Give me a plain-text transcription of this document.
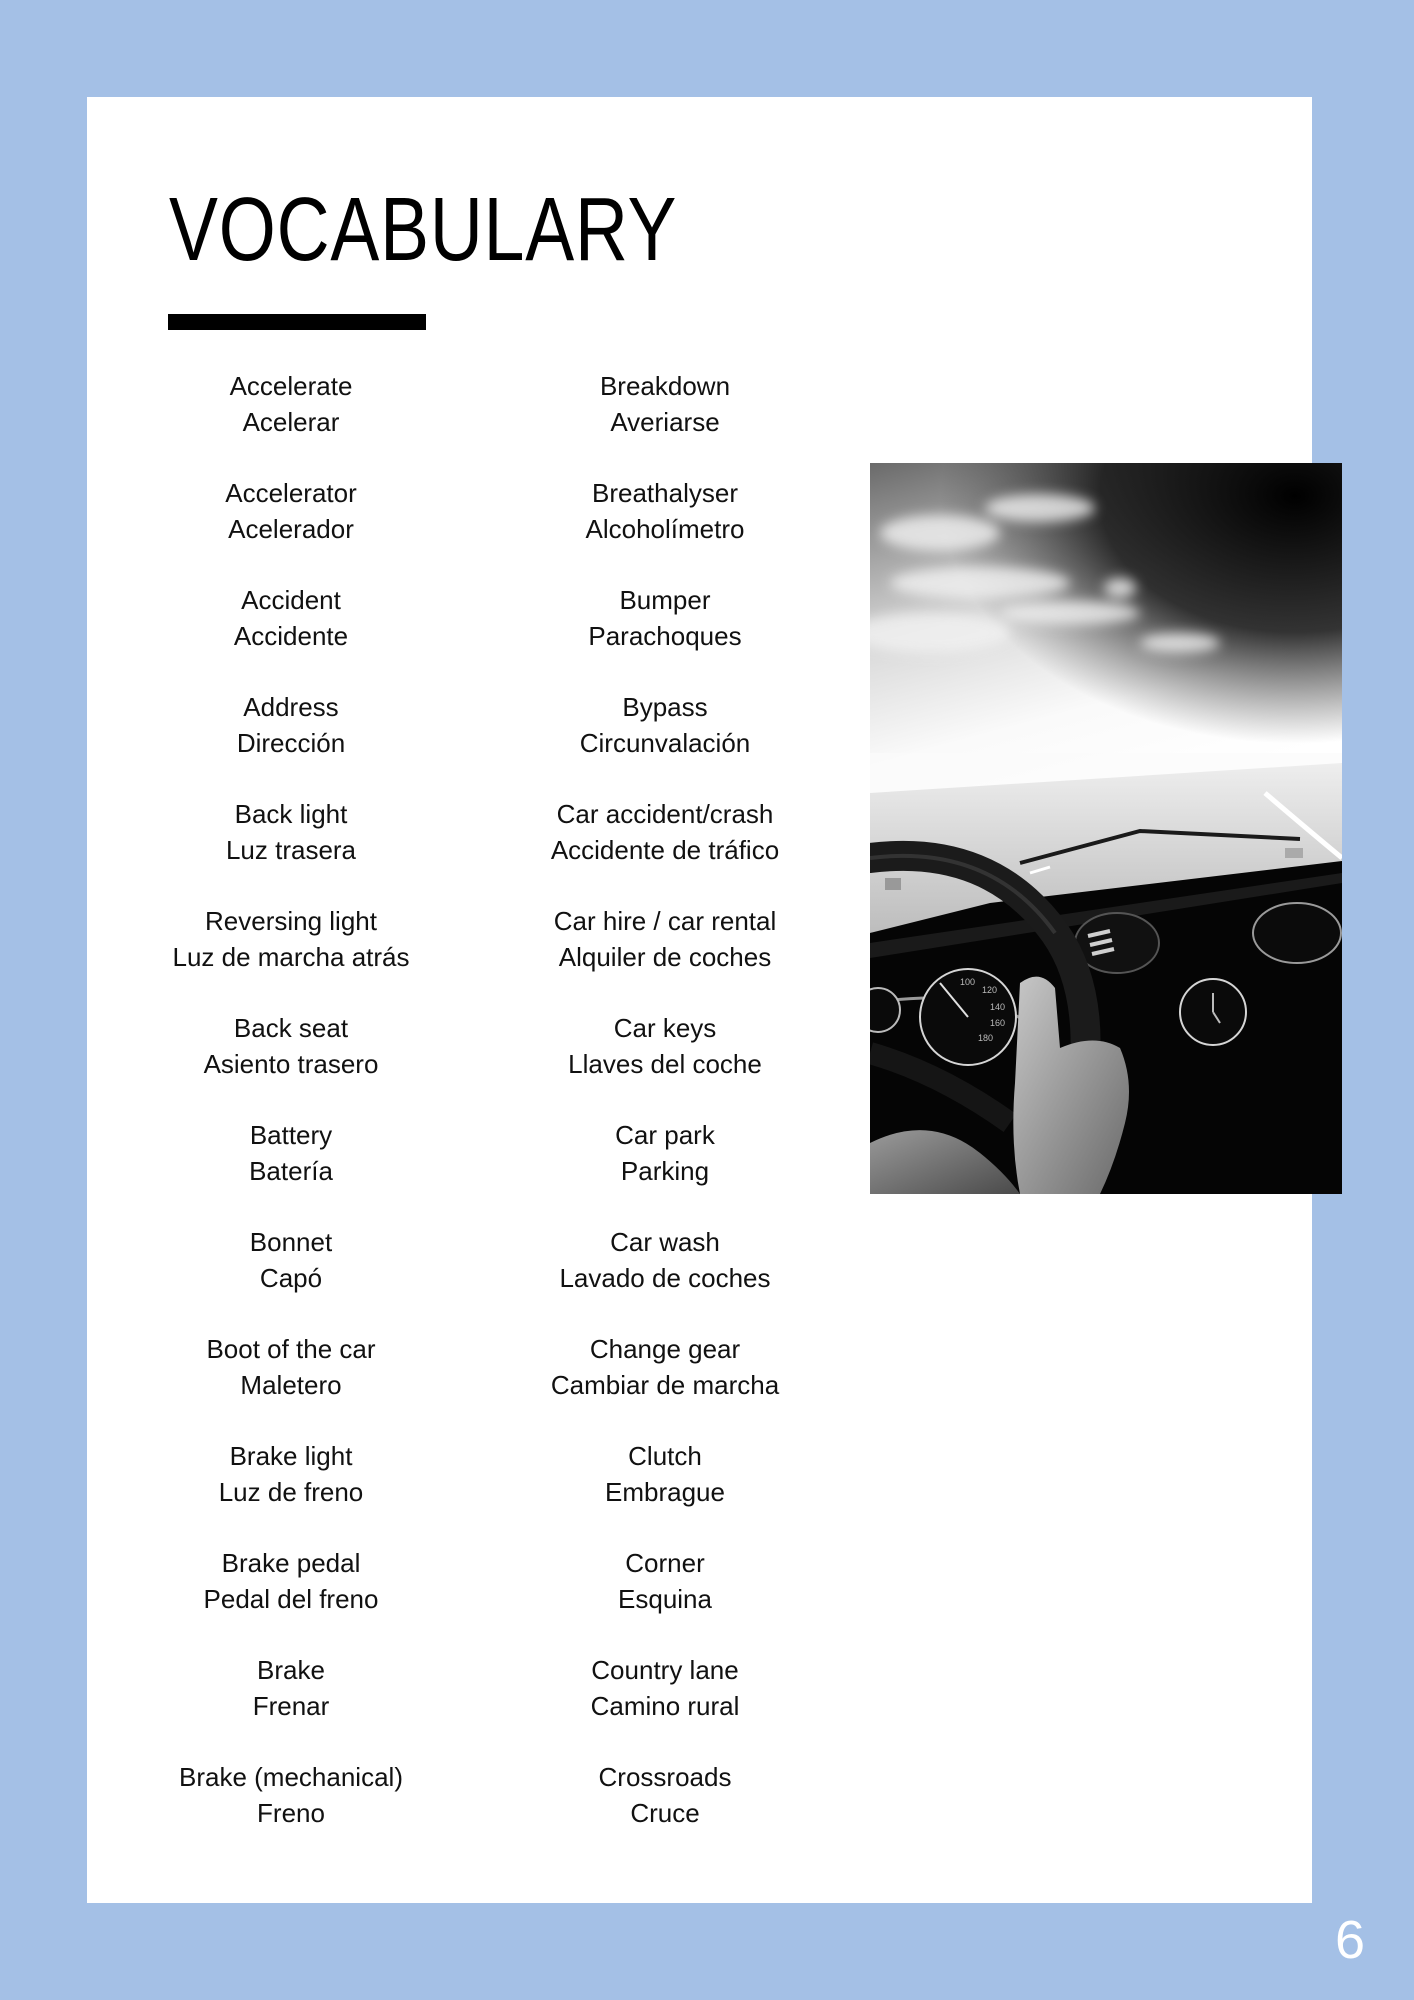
VOCABULARY
Accelerate
Acelerar
Accelerator
Acelerador
Accident
Accidente
Address
Dirección
Back light
Luz trasera
Reversing light
Luz de marcha atrás
Back seat
Asiento trasero
Battery
Batería
Bonnet
Capó
Boot of the car
Maletero
Brake light
Luz de freno
Brake pedal
Pedal del freno
Brake
Frenar
Brake (mechanical)
Freno
Breakdown
Averiarse
Breathalyser
Alcoholímetro
Bumper
Parachoques
Bypass
Circunvalación
Car accident/crash
Accidente de tráfico
Car hire / car rental
Alquiler de coches
Car keys
Llaves del coche
Car park
Parking
Car wash
Lavado de coches
Change gear
Cambiar de marcha
Clutch
Embrague
Corner
Esquina
Country lane
Camino rural
Crossroads
Cruce
100
120
140
160
180
6
